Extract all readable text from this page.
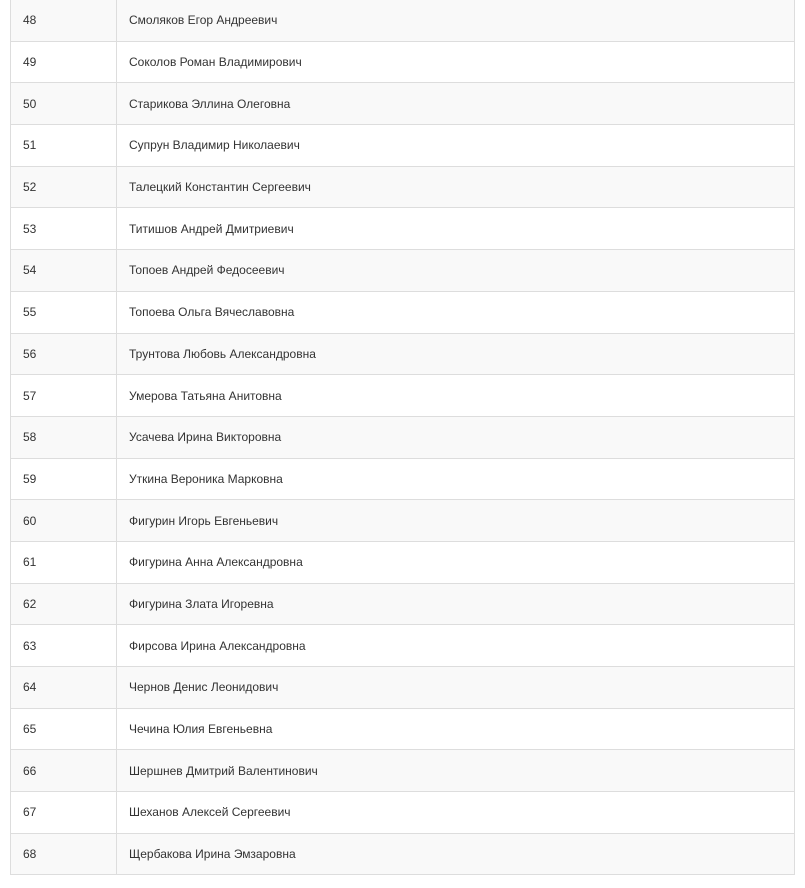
48	Смоляков Егор Андреевич
49	Соколов Роман Владимирович
50	Старикова Эллина Олеговна
51	Супрун Владимир Николаевич
52	Талецкий Константин Сергеевич
53	Титишов Андрей Дмитриевич
54	Топоев Андрей Федосеевич
55	Топоева Ольга Вячеславовна
56	Трунтова Любовь Александровна
57	Умерова Татьяна Анитовна
58	Усачева Ирина Викторовна
59	Уткина Вероника Марковна
60	Фигурин Игорь Евгеньевич
61	Фигурина Анна Александровна
62	Фигурина Злата Игоревна
63	Фирсова Ирина Александровна
64	Чернов Денис Леонидович
65	Чечина Юлия Евгеньевна
66	Шершнев Дмитрий Валентинович
67	Шеханов Алексей Сергеевич
68	Щербакова Ирина Эмзаровна
